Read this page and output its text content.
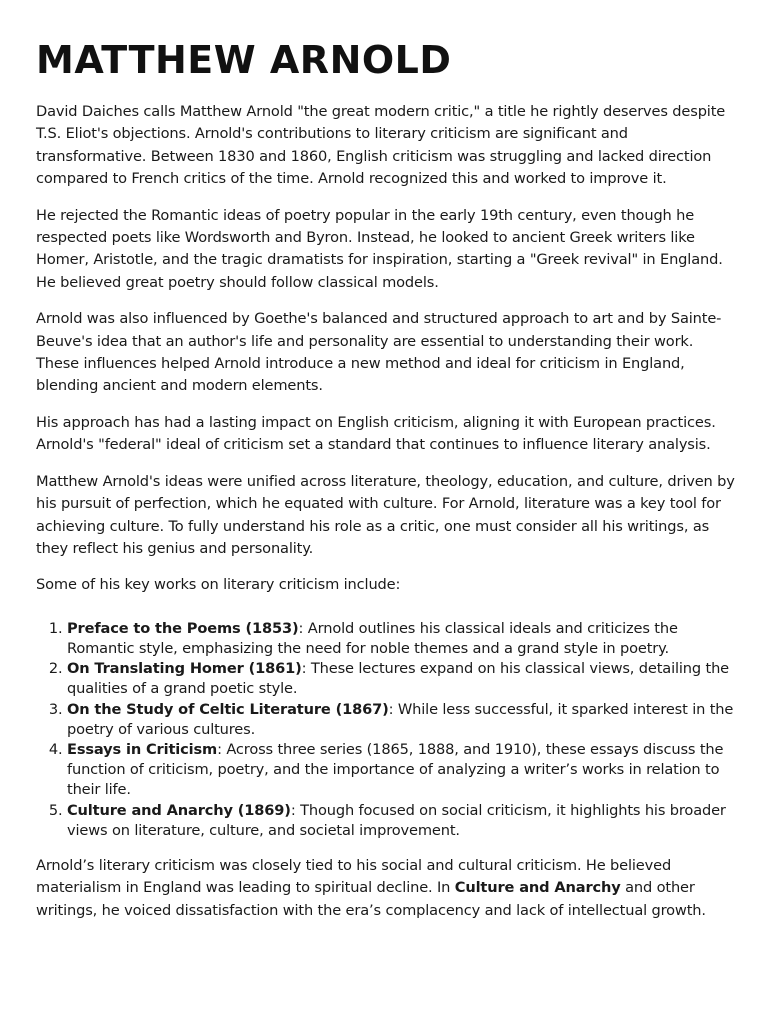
MATTHEW ARNOLD

David Daiches calls Matthew Arnold "the great modern critic," a title he rightly deserves despite T.S. Eliot's objections. Arnold's contributions to literary criticism are significant and transformative. Between 1830 and 1860, English criticism was struggling and lacked direction compared to French critics of the time. Arnold recognized this and worked to improve it.

He rejected the Romantic ideas of poetry popular in the early 19th century, even though he respected poets like Wordsworth and Byron. Instead, he looked to ancient Greek writers like Homer, Aristotle, and the tragic dramatists for inspiration, starting a "Greek revival" in England. He believed great poetry should follow classical models.

Arnold was also influenced by Goethe's balanced and structured approach to art and by Sainte-Beuve's idea that an author's life and personality are essential to understanding their work. These influences helped Arnold introduce a new method and ideal for criticism in England, blending ancient and modern elements.

His approach has had a lasting impact on English criticism, aligning it with European practices. Arnold's "federal" ideal of criticism set a standard that continues to influence literary analysis.

Matthew Arnold's ideas were unified across literature, theology, education, and culture, driven by his pursuit of perfection, which he equated with culture. For Arnold, literature was a key tool for achieving culture. To fully understand his role as a critic, one must consider all his writings, as they reflect his genius and personality.

Some of his key works on literary criticism include:

1. Preface to the Poems (1853): Arnold outlines his classical ideals and criticizes the Romantic style, emphasizing the need for noble themes and a grand style in poetry.
2. On Translating Homer (1861): These lectures expand on his classical views, detailing the qualities of a grand poetic style.
3. On the Study of Celtic Literature (1867): While less successful, it sparked interest in the poetry of various cultures.
4. Essays in Criticism: Across three series (1865, 1888, and 1910), these essays discuss the function of criticism, poetry, and the importance of analyzing a writer’s works in relation to their life.
5. Culture and Anarchy (1869): Though focused on social criticism, it highlights his broader views on literature, culture, and societal improvement.

Arnold’s literary criticism was closely tied to his social and cultural criticism. He believed materialism in England was leading to spiritual decline. In Culture and Anarchy and other writings, he voiced dissatisfaction with the era’s complacency and lack of intellectual growth.
